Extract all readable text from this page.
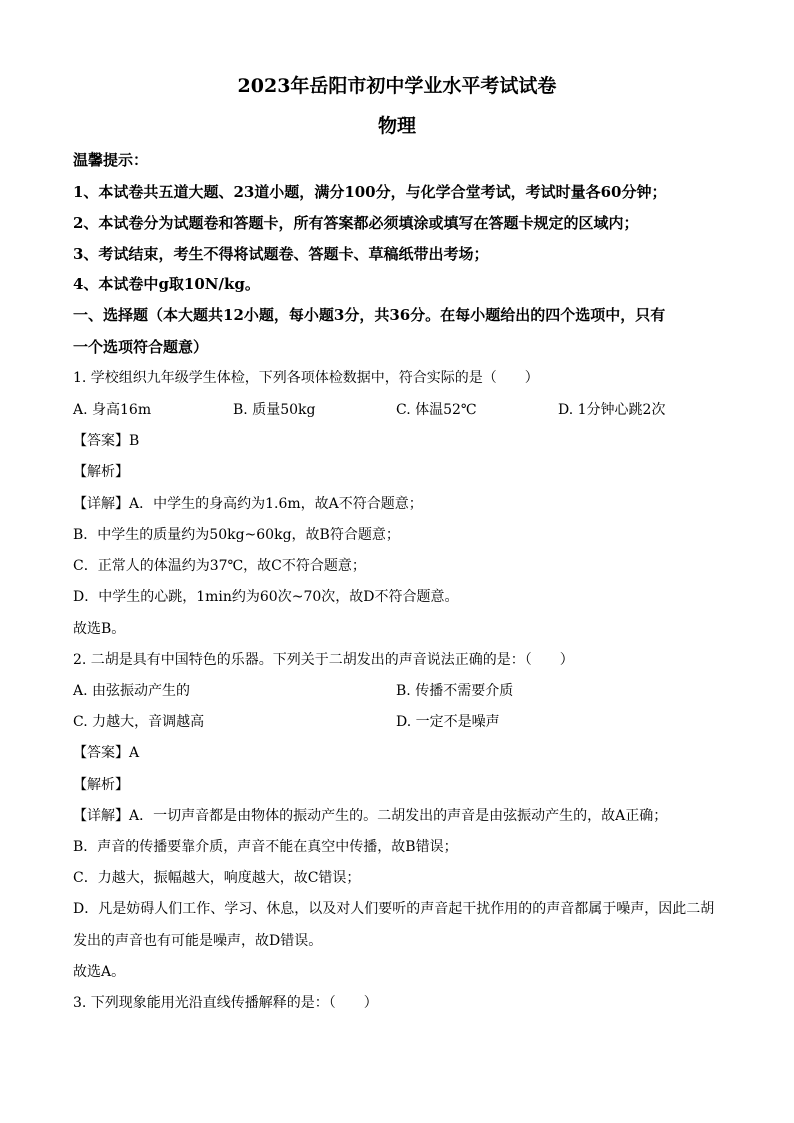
2023年岳阳市初中学业水平考试试卷
物理
温馨提示：
1、本试卷共五道大题、23道小题，满分100分，与化学合堂考试，考试时量各60分钟；
2、本试卷分为试题卷和答题卡，所有答案都必须填涂或填写在答题卡规定的区域内；
3、考试结束，考生不得将试题卷、答题卡、草稿纸带出考场；
4、本试卷中g取10N/kg。
一、选择题（本大题共12小题，每小题3分，共36分。在每小题给出的四个选项中，只有
一个选项符合题意）
1. 学校组织九年级学生体检，下列各项体检数据中，符合实际的是（　　）
A. 身高16m	B. 质量50kg	C. 体温52℃	D. 1分钟心跳2次
【答案】B
【解析】
【详解】A．中学生的身高约为1.6m，故A不符合题意；
B．中学生的质量约为50kg~60kg，故B符合题意；
C．正常人的体温约为37℃，故C不符合题意；
D．中学生的心跳，1min约为60次~70次，故D不符合题意。
故选B。
2. 二胡是具有中国特色的乐器。下列关于二胡发出的声音说法正确的是：（　　）
A. 由弦振动产生的	B. 传播不需要介质
C. 力越大，音调越高	D. 一定不是噪声
【答案】A
【解析】
【详解】A．一切声音都是由物体的振动产生的。二胡发出的声音是由弦振动产生的，故A正确；
B．声音的传播要靠介质，声音不能在真空中传播，故B错误；
C．力越大，振幅越大，响度越大，故C错误；
D．凡是妨碍人们工作、学习、休息，以及对人们要听的声音起干扰作用的的声音都属于噪声，因此二胡
发出的声音也有可能是噪声，故D错误。
故选A。
3. 下列现象能用光沿直线传播解释的是：（　　）
